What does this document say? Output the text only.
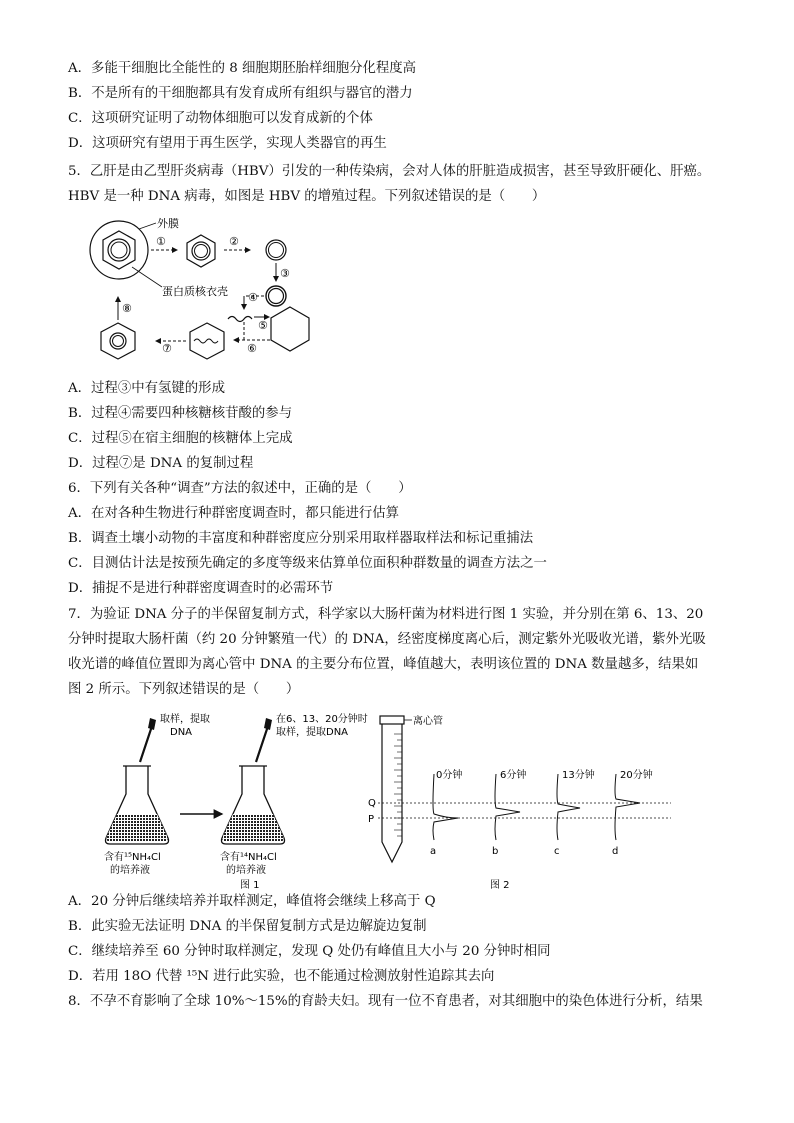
A．多能干细胞比全能性的 8 细胞期胚胎样细胞分化程度高
B．不是所有的干细胞都具有发育成所有组织与器官的潜力
C．这项研究证明了动物体细胞可以发育成新的个体
D．这项研究有望用于再生医学，实现人类器官的再生
5．乙肝是由乙型肝炎病毒（HBV）引发的一种传染病，会对人体的肝脏造成损害，甚至导致肝硬化、肝癌。
HBV 是一种 DNA 病毒，如图是 HBV 的增殖过程。下列叙述错误的是（　　）
外膜
蛋白质核衣壳
①	②
③
④
⑤
⑥
⑦
⑧
A．过程③中有氢键的形成
B．过程④需要四种核糖核苷酸的参与
C．过程⑤在宿主细胞的核糖体上完成
D．过程⑦是 DNA 的复制过程
6．下列有关各种“调查”方法的叙述中，正确的是（　　）
A．在对各种生物进行种群密度调查时，都只能进行估算
B．调查土壤小动物的丰富度和种群密度应分别采用取样器取样法和标记重捕法
C．目测估计法是按预先确定的多度等级来估算单位面积种群数量的调查方法之一
D．捕捉不是进行种群密度调查时的必需环节
7．为验证 DNA 分子的半保留复制方式，科学家以大肠杆菌为材料进行图 1 实验，并分别在第 6、13、20
分钟时提取大肠杆菌（约 20 分钟繁殖一代）的 DNA，经密度梯度离心后，测定紫外光吸收光谱，紫外光吸
收光谱的峰值位置即为离心管中 DNA 的主要分布位置，峰值越大，表明该位置的 DNA 数量越多，结果如
图 2 所示。下列叙述错误的是（　　）
取样，提取
DNA
含有¹⁵NH₄Cl
的培养液
在6、13、20分钟时
取样，提取DNA
含有¹⁴NH₄Cl
的培养液
图 1
离心管
Q
P
0分钟
a
6分钟
b
13分钟
c
20分钟
d
图 2
A．20 分钟后继续培养并取样测定，峰值将会继续上移高于 Q
B．此实验无法证明 DNA 的半保留复制方式是边解旋边复制
C．继续培养至 60 分钟时取样测定，发现 Q 处仍有峰值且大小与 20 分钟时相同
D．若用 18O 代替 ¹⁵N 进行此实验，也不能通过检测放射性追踪其去向
8．不孕不育影响了全球 10%～15%的育龄夫妇。现有一位不育患者，对其细胞中的染色体进行分析，结果
